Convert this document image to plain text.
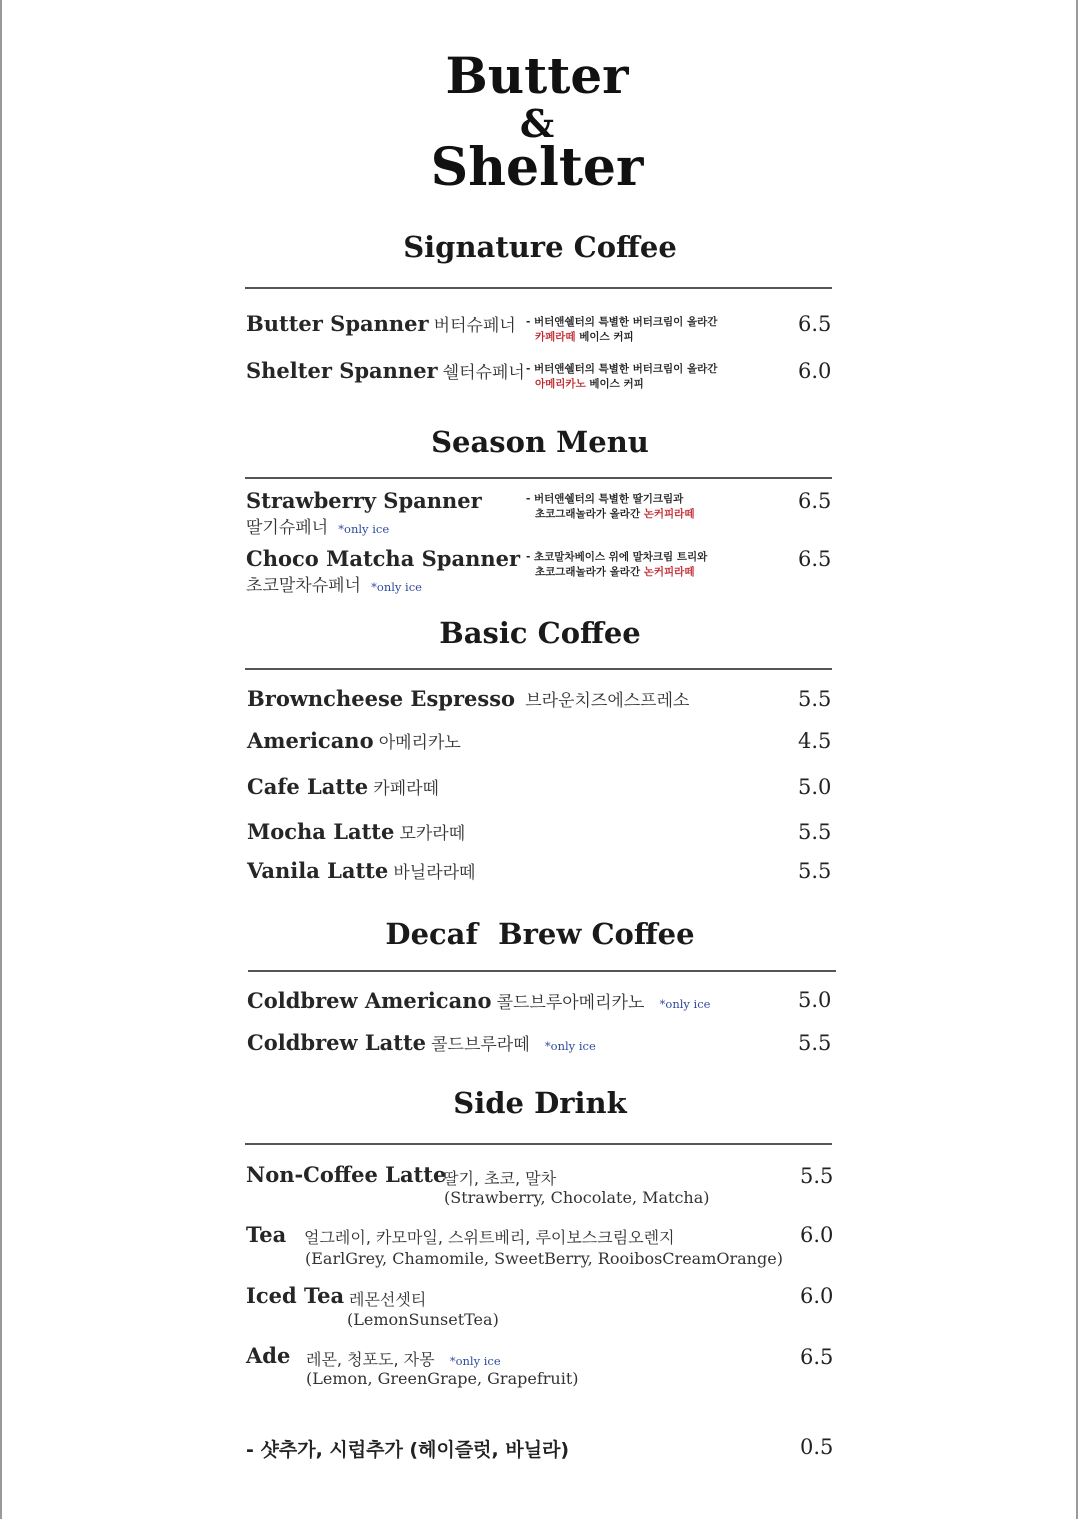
Butter
&
Shelter
Signature Coffee
Butter Spanner 버터슈페너 - 버터앤쉘터의 특별한 버터크림이 올라간
카페라떼 베이스 커피
6.5
Shelter Spanner 쉘터슈페너 - 버터앤쉘터의 특별한 버터크림이 올라간
아메리카노 베이스 커피
6.0
Season Menu
Strawberry Spanner
딸기슈페너 *only ice
- 버터앤쉘터의 특별한 딸기크림과
초코그래놀라가 올라간 논커피라떼
6.5
Choco Matcha Spanner
초코말차슈페너 *only ice
- 초코말차베이스 위에 말차크림 트리와
초코그래놀라가 올라간 논커피라떼
6.5
Basic Coffee
Browncheese Espresso 브라운치즈에스프레소	5.5
Americano 아메리카노	4.5
Cafe Latte 카페라떼	5.0
Mocha Latte 모카라떼	5.5
Vanila Latte 바닐라라떼	5.5
Decaf  Brew Coffee
Coldbrew Americano 콜드브루아메리카노 *only ice	5.0
Coldbrew Latte 콜드브루라떼 *only ice	5.5
Side Drink
Non-Coffee Latte
딸기, 초코, 말차
(Strawberry, Chocolate, Matcha)
5.5
Tea 얼그레이, 카모마일, 스위트베리, 루이보스크림오렌지
(EarlGrey, Chamomile, SweetBerry, RooibosCreamOrange)
6.0
Iced Tea 레몬선셋티
(LemonSunsetTea)
6.0
Ade 레몬, 청포도, 자몽 *only ice
(Lemon, GreenGrape, Grapefruit)
6.5
- 샷추가, 시럽추가 (헤이즐럿, 바닐라)	0.5
